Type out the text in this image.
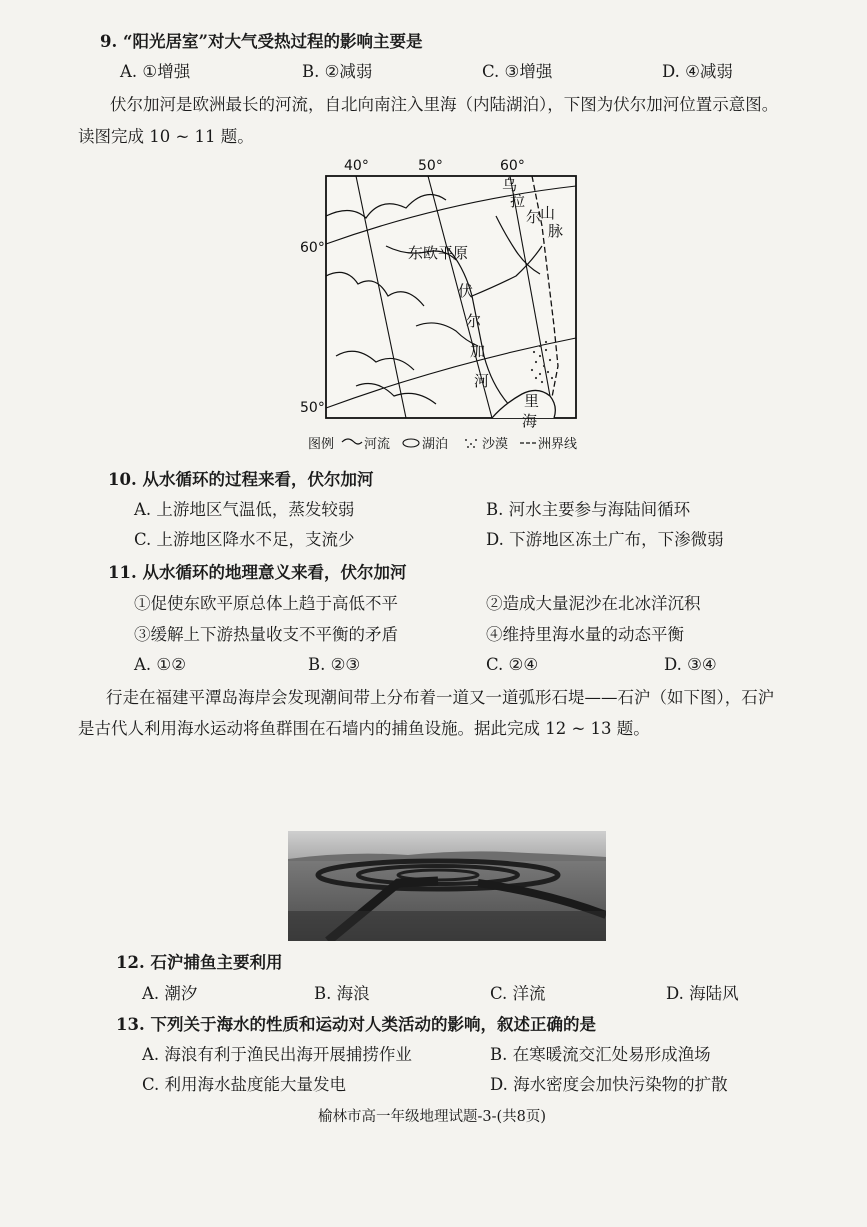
9. “阳光居室”对大气受热过程的影响主要是
A. ①增强	B. ②减弱	C. ③增强	D. ④减弱
伏尔加河是欧洲最长的河流，自北向南注入里海（内陆湖泊），下图为伏尔加河位置示意图。
读图完成 10 ~ 11 题。
40°	50°	60°
60°
50°
东欧平原
伏
尔
加
河
乌
拉
尔
山
脉
里
海
图例 河流 湖泊	沙漠 洲界线
10. 从水循环的过程来看，伏尔加河
A. 上游地区气温低，蒸发较弱	B. 河水主要参与海陆间循环
C. 上游地区降水不足，支流少	D. 下游地区冻土广布，下渗微弱
11. 从水循环的地理意义来看，伏尔加河
①促使东欧平原总体上趋于高低不平	②造成大量泥沙在北冰洋沉积
③缓解上下游热量收支不平衡的矛盾	④维持里海水量的动态平衡
A. ①②	B. ②③	C. ②④	D. ③④
行走在福建平潭岛海岸会发现潮间带上分布着一道又一道弧形石堤——石沪（如下图），石沪
是古代人利用海水运动将鱼群围在石墙内的捕鱼设施。据此完成 12 ~ 13 题。
12. 石沪捕鱼主要利用
A. 潮汐	B. 海浪	C. 洋流	D. 海陆风
13. 下列关于海水的性质和运动对人类活动的影响，叙述正确的是
A. 海浪有利于渔民出海开展捕捞作业	B. 在寒暖流交汇处易形成渔场
C. 利用海水盐度能大量发电	D. 海水密度会加快污染物的扩散
榆林市高一年级地理试题-3-(共8页)
